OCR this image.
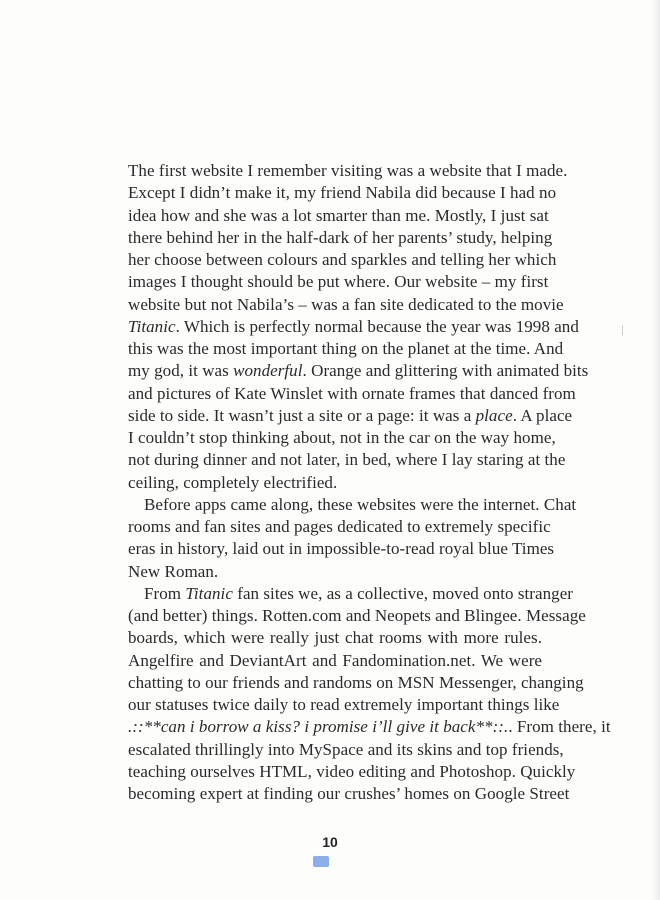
The first website I remember visiting was a website that I made.
Except I didn’t make it, my friend Nabila did because I had no
idea how and she was a lot smarter than me. Mostly, I just sat
there behind her in the half-dark of her parents’ study, helping
her choose between colours and sparkles and telling her which
images I thought should be put where. Our website – my first
website but not Nabila’s – was a fan site dedicated to the movie
Titanic. Which is perfectly normal because the year was 1998 and
this was the most important thing on the planet at the time. And
my god, it was wonderful. Orange and glittering with animated bits
and pictures of Kate Winslet with ornate frames that danced from
side to side. It wasn’t just a site or a page: it was a place. A place
I couldn’t stop thinking about, not in the car on the way home,
not during dinner and not later, in bed, where I lay staring at the
ceiling, completely electrified.
Before apps came along, these websites were the internet. Chat
rooms and fan sites and pages dedicated to extremely specific
eras in history, laid out in impossible-to-read royal blue Times
New Roman.
From Titanic fan sites we, as a collective, moved onto stranger
(and better) things. Rotten.com and Neopets and Blingee. Message
boards, which were really just chat rooms with more rules.
Angelfire and DeviantArt and Fandomination.net. We were
chatting to our friends and randoms on MSN Messenger, changing
our statuses twice daily to read extremely important things like
.::**can i borrow a kiss? i promise i’ll give it back**::.. From there, it
escalated thrillingly into MySpace and its skins and top friends,
teaching ourselves HTML, video editing and Photoshop. Quickly
becoming expert at finding our crushes’ homes on Google Street
10
